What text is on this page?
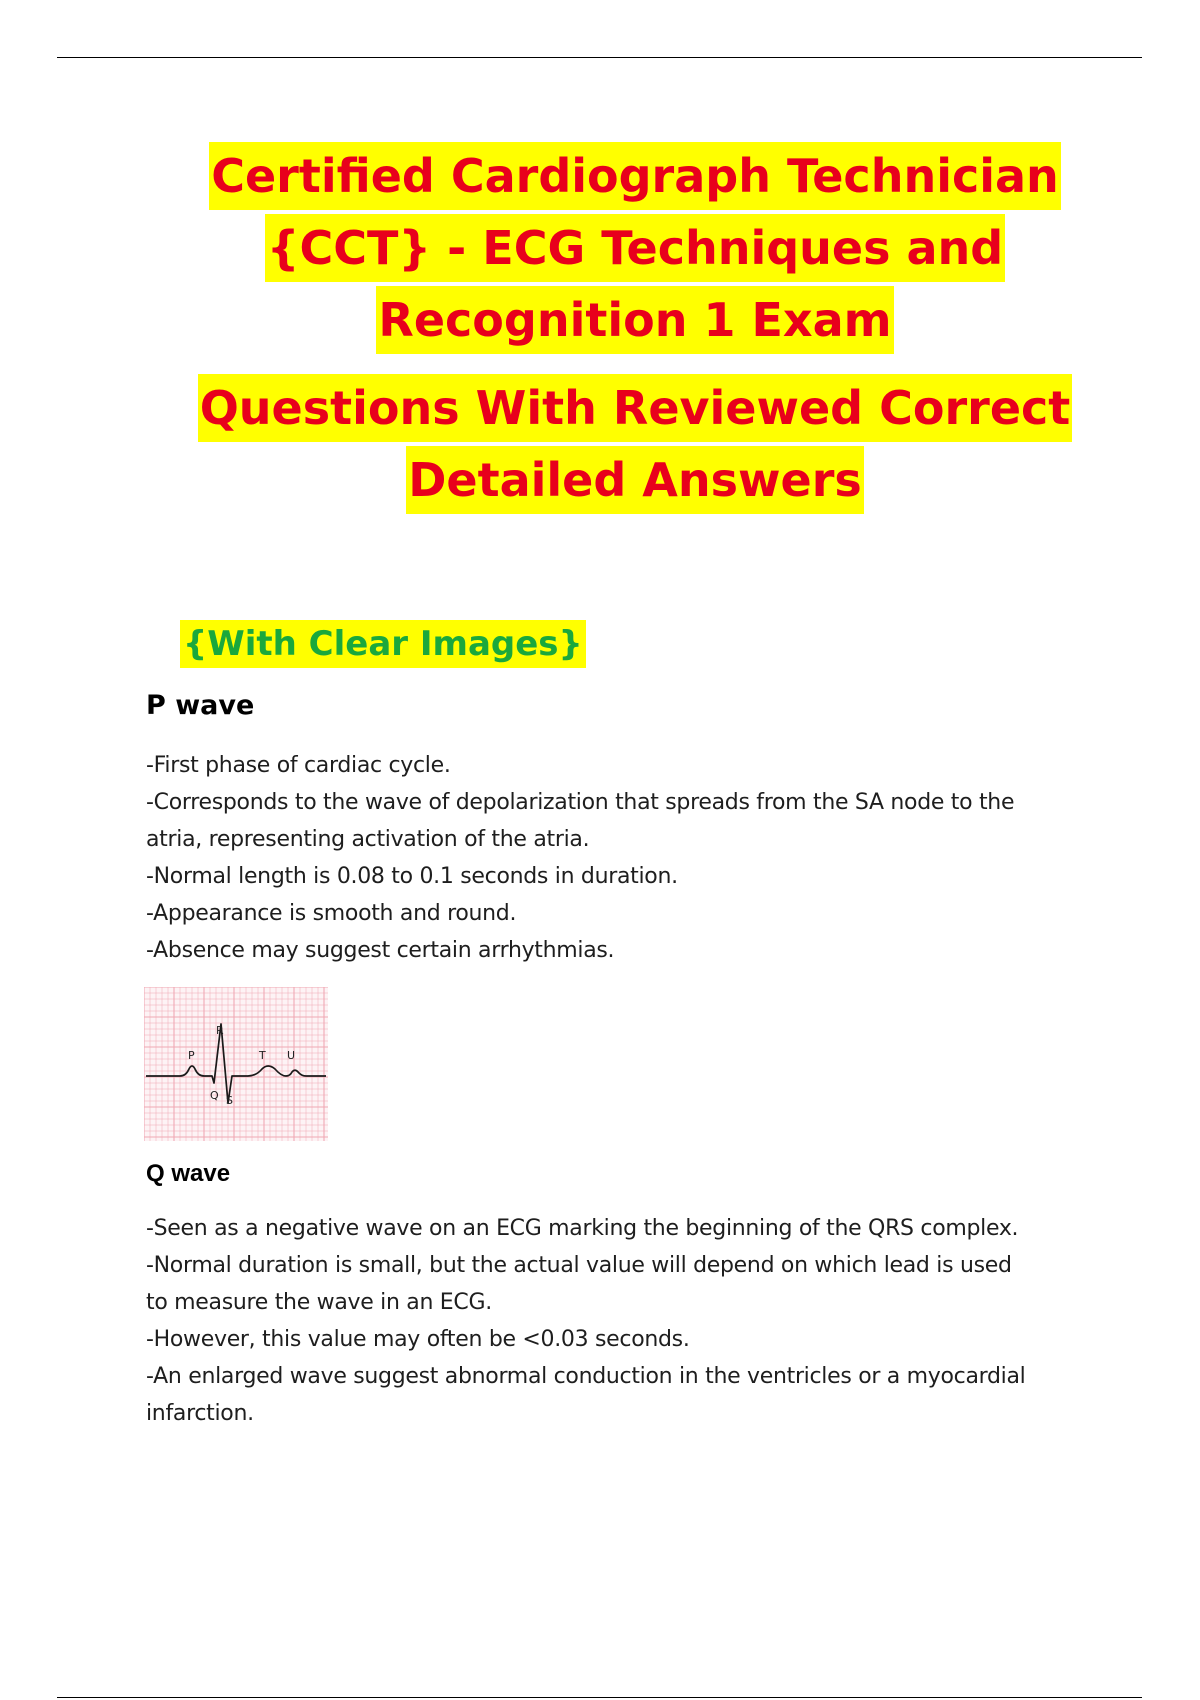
Certified Cardiograph Technician
{CCT} - ECG Techniques and
Recognition 1 Exam
Questions With Reviewed Correct
Detailed Answers
{With Clear Images}
P wave
-First phase of cardiac cycle.
-Corresponds to the wave of depolarization that spreads from the SA node to the
atria, representing activation of the atria.
-Normal length is 0.08 to 0.1 seconds in duration.
-Appearance is smooth and round.
-Absence may suggest certain arrhythmias.
R
P	T U
Q S
Q wave
-Seen as a negative wave on an ECG marking the beginning of the QRS complex.
-Normal duration is small, but the actual value will depend on which lead is used
to measure the wave in an ECG.
-However, this value may often be <0.03 seconds.
-An enlarged wave suggest abnormal conduction in the ventricles or a myocardial
infarction.
